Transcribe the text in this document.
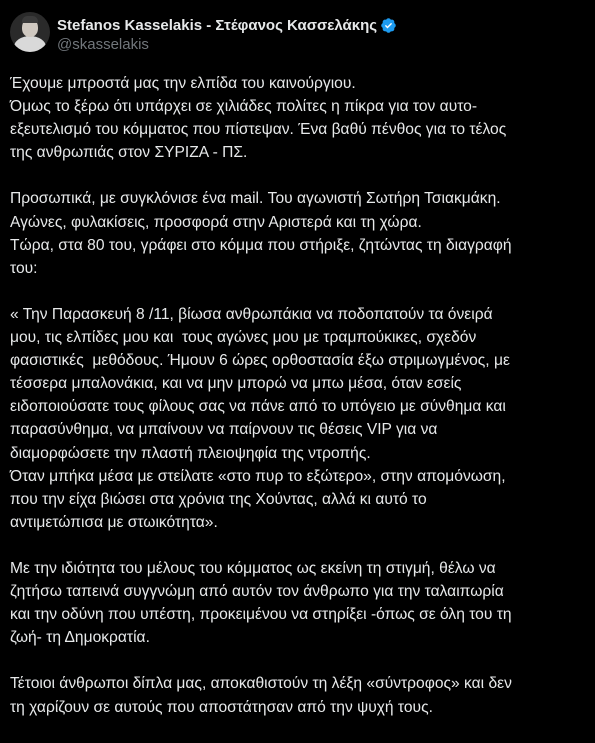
Stefanos Kasselakis - Στέφανος Κασσελάκης
@skasselakis
Έχουμε μπροστά μας την ελπίδα του καινούργιου.
Όμως το ξέρω ότι υπάρχει σε χιλιάδες πολίτες η πίκρα για τον αυτο-
εξευτελισμό του κόμματος που πίστεψαν. Ένα βαθύ πένθος για το τέλος
της ανθρωπιάς στον ΣΥΡΙΖΑ - ΠΣ.
Προσωπικά, με συγκλόνισε ένα mail. Του αγωνιστή Σωτήρη Τσιακμάκη.
Αγώνες, φυλακίσεις, προσφορά στην Αριστερά και τη χώρα.
Τώρα, στα 80 του, γράφει στο κόμμα που στήριξε, ζητώντας τη διαγραφή
του:
« Την Παρασκευή 8 /11, βίωσα ανθρωπάκια να ποδοπατούν τα όνειρά
μου, τις ελπίδες μου και  τους αγώνες μου με τραμπούκικες, σχεδόν
φασιστικές  μεθόδους. Ήμουν 6 ώρες ορθοστασία έξω στριμωγμένος, με
τέσσερα μπαλονάκια, και να μην μπορώ να μπω μέσα, όταν εσείς
ειδοποιούσατε τους φίλους σας να πάνε από το υπόγειο με σύνθημα και
παρασύνθημα, να μπαίνουν να παίρνουν τις θέσεις VIP για να
διαμορφώσετε την πλαστή πλειοψηφία της ντροπής.
Όταν μπήκα μέσα με στείλατε «στο πυρ το εξώτερο», στην απομόνωση,
που την είχα βιώσει στα χρόνια της Χούντας, αλλά κι αυτό το
αντιμετώπισα με στωικότητα».
Με την ιδιότητα του μέλους του κόμματος ως εκείνη τη στιγμή, θέλω να
ζητήσω ταπεινά συγγνώμη από αυτόν τον άνθρωπο για την ταλαιπωρία
και την οδύνη που υπέστη, προκειμένου να στηρίξει -όπως σε όλη του τη
ζωή- τη Δημοκρατία.
Τέτοιοι άνθρωποι δίπλα μας, αποκαθιστούν τη λέξη «σύντροφος» και δεν
τη χαρίζουν σε αυτούς που αποστάτησαν από την ψυχή τους.
